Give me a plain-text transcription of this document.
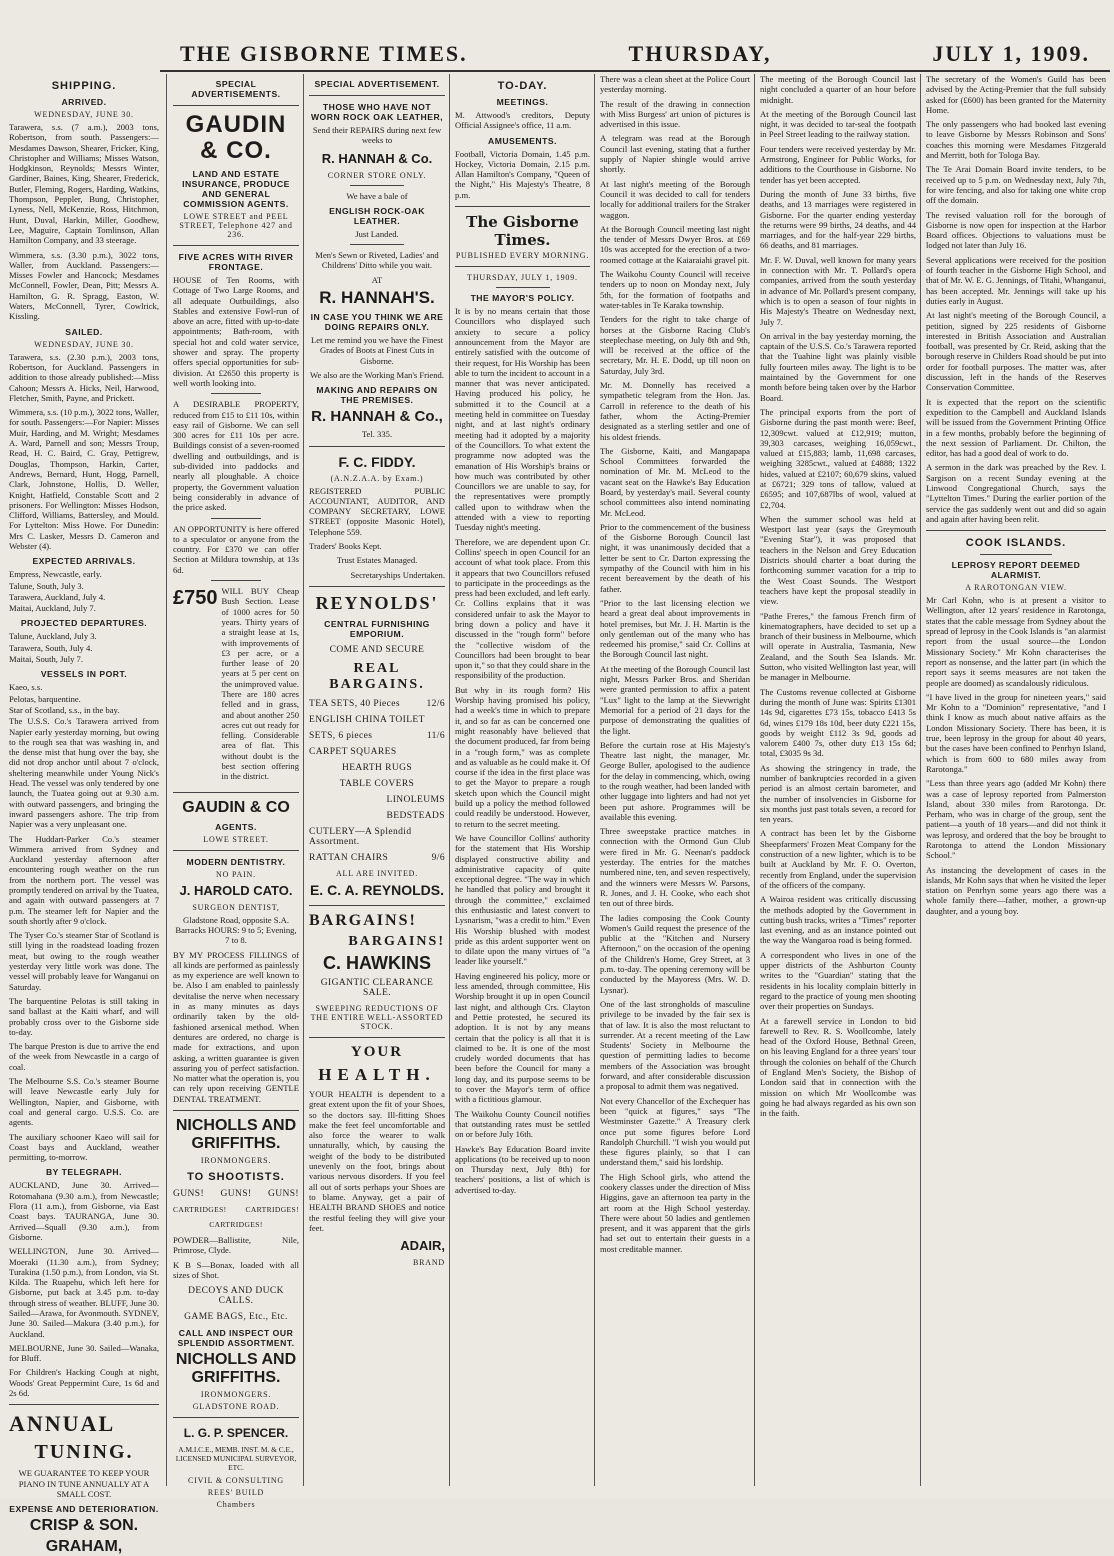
THE GISBORNE TIMES.	THURSDAY,	JULY 1, 1909.
SHIPPING.
ARRIVED.
WEDNESDAY, JUNE 30.

Tarawera, s.s. (7 a.m.), 2003 tons, Robertson, from south. Passengers:— Mesdames Dawson, Shearer, Fricker, King, Christopher and Williams; Misses Watson, Hodgkinson, Reynolds; Messrs Winter, Gardiner, Baines, King, Shearer, Frederick, Butler, Fleming, Rogers, Harding, Watkins, Thompson, Peppler, Bung, Christopher, Lyness, Nell, McKenzie, Ross, Hitchmon, Hunt, Duval, Harkin, Miller, Goodhew, Lee, Maguire, Captain Tomlinson, Allan Hamilton Company, and 33 steerage.

Wimmera, s.s. (3.30 p.m.), 3022 tons, Waller, from Auckland. Passengers:—Misses Fowler and Hancock; Mesdames McConnell, Fowler, Dean, Pitt; Messrs A. Hamilton, G. R. Spragg, Easton, W. Waters, McConnell, Tyrer, Cowlrick, Kissling.

SAILED.
WEDNESDAY, JUNE 30.

Tarawera, s.s. (2.30 p.m.), 2003 tons, Robertson, for Auckland. Passengers in addition to those already published:—Miss Cahoon; Messrs A. Hicks, Neil, Harwood, Fletcher, Smith, Payne, and Prickett.

Wimmera, s.s. (10 p.m.), 3022 tons, Waller, for south. Passengers:—For Napier: Misses Muir, Harding, and M. Wright; Mesdames A. Ward, Parnell and son; Messrs Troup, Read, H. C. Baird, C. Gray, Pettigrew, Douglas, Thompson, Harkin, Carter, Andrews, Bernard, Hunt, Hogg, Parnell, Clark, Johnstone, Hollis, D. Weller, Knight, Hatfield, Constable Scott and 2 prisoners. For Wellington: Misses Hodson, Clifford, Williams, Battersley, and Mould. For Lyttelton: Miss Howe. For Dunedin: Mrs C. Lasker, Messrs D. Cameron and Webster (4).

EXPECTED ARRIVALS.
Empress, Newcastle, early.
Talune, South, July 3.
Tarawera, Auckland, July 4.
Maitai, Auckland, July 7.
PROJECTED DEPARTURES.
Talune, Auckland, July 3.
Tarawera, South, July 4.
Maitai, South, July 7.
VESSELS IN PORT.
Kaeo, s.s.
Pelotas, barquentine.
Star of Scotland, s.s., in the bay.

The U.S.S. Co.'s Tarawera arrived from Napier early yesterday morning, but owing to the rough sea that was washing in, and the dense mist that hung over the bay, she did not drop anchor until about 7 o'clock, sheltering meanwhile under Young Nick's Head. The vessel was only tendered by one launch, the Tuatea going out at 9.30 a.m. with outward passengers, and bringing the inward passengers ashore. The trip from Napier was a very unpleasant one.

The Huddart-Parker Co.'s steamer Wimmera arrived from Sydney and Auckland yesterday afternoon after encountering rough weather on the run from the northern port. The vessel was promptly tendered on arrival by the Tuatea, and again with outward passengers at 7 p.m. The steamer left for Napier and the south shortly after 9 o'clock.

The Tyser Co.'s steamer Star of Scotland is still lying in the roadstead loading frozen meat, but owing to the rough weather yesterday very little work was done. The vessel will probably leave for Wanganui on Saturday.

The barquentine Pelotas is still taking in sand ballast at the Kaiti wharf, and will probably cross over to the Gisborne side to-day.

The barque Preston is due to arrive the end of the week from Newcastle in a cargo of coal.

The Melbourne S.S. Co.'s steamer Bourne will leave Newcastle early July for Wellington, Napier, and Gisborne, with coal and general cargo. U.S.S. Co. are agents.

The auxiliary schooner Kaeo will sail for Coast bays and Auckland, weather permitting, to-morrow.

BY TELEGRAPH.

AUCKLAND, June 30. Arrived—Rotomahana (9.30 a.m.), from Newcastle; Flora (11 a.m.), from Gisborne, via East Coast bays. TAURANGA, June 30. Arrived—Squall (9.30 a.m.), from Gisborne.

WELLINGTON, June 30. Arrived—Moeraki (11.30 a.m.), from Sydney; Turakina (1.50 p.m.), from London, via St. Kilda. The Ruapehu, which left here for Gisborne, put back at 3.45 p.m. to-day through stress of weather. BLUFF, June 30. Sailed—Arawa, for Avonmouth. SYDNEY, June 30. Sailed—Makura (3.40 p.m.), for Auckland.

MELBOURNE, June 30. Sailed—Wanaka, for Bluff.

For Children's Hacking Cough at night, Woods' Great Peppermint Cure, 1s 6d and 2s 6d.

ANNUAL
TUNING.

WE GUARANTEE TO KEEP YOUR PIANO IN TUNE ANNUALLY AT A SMALL COST.

EXPENSE AND DETERIORATION.
CRISP & SON.
GRAHAM,
SPECIAL ADVERTISEMENTS.
GAUDIN & CO.
LAND AND ESTATE INSURANCE, PRODUCE AND GENERAL COMMISSION AGENTS.
LOWE STREET and PEEL STREET, Telephone 427 and 236.
FIVE ACRES WITH RIVER FRONTAGE.

HOUSE of Ten Rooms, with Cottage of Two Large Rooms, and all adequate Outbuildings, also Stables and extensive Fowl-run of above an acre, fitted with up-to-date appointments; Bath-room, with special hot and cold water service, shower and spray. The property offers special opportunities for sub-division. At £2650 this property is well worth looking into.

A DESIRABLE PROPERTY, reduced from £15 to £11 10s, within easy rail of Gisborne. We can sell 300 acres for £11 10s per acre. Buildings consist of a seven-roomed dwelling and outbuildings, and is sub-divided into paddocks and nearly all ploughable. A choice property, the Government valuation being considerably in advance of the price asked.

AN OPPORTUNITY is here offered to a speculator or anyone from the country. For £370 we can offer Section at Mildura township, at 13s 6d.

£750 WILL BUY Cheap Bush Section. Lease of 1000 acres for 50 years. Thirty years of a straight lease at 1s, with improvements of £3 per acre, or a further lease of 20 years at 5 per cent on the unimproved value. There are 180 acres felled and in grass, and about another 250 acres cut out ready for felling. Considerable area of flat. This without doubt is the best section offering in the district.

GAUDIN & CO
AGENTS.
LOWE STREET.
MODERN DENTISTRY.
NO PAIN.
J. HAROLD CATO.
SURGEON DENTIST,

Gladstone Road, opposite S.A. Barracks HOURS: 9 to 5; Evening, 7 to 8.

BY MY PROCESS FILLINGS of all kinds are performed as painlessly as my experience are well known to be. Also I am enabled to painlessly devitalise the nerve when necessary in as many minutes as days ordinarily taken by the old-fashioned arsenical method. When dentures are ordered, no charge is made for extractions, and upon asking, a written guarantee is given assuring you of perfect satisfaction. No matter what the operation is, you can rely upon receiving GENTLE DENTAL TREATMENT.

NICHOLLS AND GRIFFITHS.
IRONMONGERS.
TO SHOOTISTS.
GUNS! GUNS! GUNS!
CARTRIDGES!	CARTRIDGES!
CARTRIDGES!

POWDER—Ballistite, Nile, Primrose, Clyde.

K B S—Bonax, loaded with all sizes of Shot.

DECOYS AND DUCK CALLS.
GAME BAGS, Etc., Etc.
CALL AND INSPECT OUR SPLENDID ASSORTMENT.
NICHOLLS AND GRIFFITHS.
IRONMONGERS.
GLADSTONE ROAD.
L. G. P. SPENCER.

A.M.I.C.E., MEMB. INST. M. & C.E., LICENSED MUNICIPAL SURVEYOR, ETC.

CIVIL & CONSULTING
REES' BUILD
Chambers
SPECIAL ADVERTISEMENT.
THOSE WHO HAVE NOT WORN ROCK OAK LEATHER,

Send their REPAIRS during next few weeks to

R. HANNAH & Co.
CORNER STORE ONLY.

We have a bale of

ENGLISH ROCK-OAK LEATHER.

Just Landed.

Men's Sewn or Riveted, Ladies' and Childrens' Ditto while you wait.

AT

R. HANNAH'S.
IN CASE YOU THINK WE ARE DOING REPAIRS ONLY.

Let me remind you we have the Finest Grades of Boots at Finest Cuts in Gisborne.

We also are the Working Man's Friend.

MAKING AND REPAIRS ON THE PREMISES.
R. HANNAH & Co.,

Tel. 335.

F. C. FIDDY.
(A.N.Z.A.A. by Exam.)

REGISTERED PUBLIC ACCOUNTANT, AUDITOR, AND COMPANY SECRETARY, LOWE STREET (opposite Masonic Hotel), Telephone 559.

Traders' Books Kept.

Trust Estates Managed.

Secretaryships Undertaken.

REYNOLDS'
CENTRAL FURNISHING EMPORIUM.
COME AND SECURE
REAL BARGAINS.
TEA SETS, 40 Pieces	12/6
ENGLISH CHINA TOILET
SETS, 6 pieces	11/6
CARPET SQUARES
HEARTH RUGS
TABLE COVERS
LINOLEUMS
BEDSTEADS
CUTLERY—A Splendid Assortment.
RATTAN CHAIRS	9/6
ALL ARE INVITED.
E. C. A. REYNOLDS.
BARGAINS!
BARGAINS!
C. HAWKINS
GIGANTIC CLEARANCE SALE.
SWEEPING REDUCTIONS OF THE ENTIRE WELL-ASSORTED STOCK.
YOUR
HEALTH.

YOUR HEALTH is dependent to a great extent upon the fit of your Shoes, so the doctors say. Ill-fitting Shoes make the feet feel uncomfortable and also force the wearer to walk unnaturally, which, by causing the weight of the body to be distributed unevenly on the foot, brings about various nervous disorders. If you feel all out of sorts perhaps your Shoes are to blame. Anyway, get a pair of HEALTH BRAND SHOES and notice the restful feeling they will give your feet.

ADAIR,
BRAND
TO-DAY.
MEETINGS.

M. Attwood's creditors, Deputy Official Assignee's office, 11 a.m.

AMUSEMENTS.

Football, Victoria Domain, 1.45 p.m. Hockey, Victoria Domain, 2.15 p.m. Allan Hamilton's Company, "Queen of the Night," His Majesty's Theatre, 8 p.m.

The Gisborne Times.
PUBLISHED EVERY MORNING.
THURSDAY, JULY 1, 1909.
THE MAYOR'S POLICY.

It is by no means certain that those Councillors who displayed such anxiety to secure a policy announcement from the Mayor are entirely satisfied with the outcome of their request, for His Worship has been able to turn the incident to account in a manner that was never anticipated. Having produced his policy, he submitted it to the Council at a meeting held in committee on Tuesday night, and at last night's ordinary meeting had it adopted by a majority of the Councillors. To what extent the programme now adopted was the emanation of His Worship's brains or how much was contributed by other Councillors we are unable to say, for the representatives were promptly called upon to withdraw when the attended with a view to reporting Tuesday night's meeting.

Therefore, we are dependent upon Cr. Collins' speech in open Council for an account of what took place. From this it appears that two Councillors refused to participate in the proceedings as the press had been excluded, and left early. Cr. Collins explains that it was considered unfair to ask the Mayor to bring down a policy and have it discussed in the "rough form" before the "collective wisdom of the Councillors had been brought to bear upon it," so that they could share in the responsibility of the production.

But why in its rough form? His Worship having promised his policy, had a week's time in which to prepare it, and so far as can be concerned one might reasonably have believed that the document produced, far from being in a "rough form," was as complete and as valuable as he could make it. Of course if the idea in the first place was to get the Mayor to prepare a rough sketch upon which the Council might build up a policy the method followed could readily be understood. However, to return to the secret meeting.

We have Councillor Collins' authority for the statement that His Worship displayed constructive ability and administrative capacity of quite exceptional degree. "The way in which he handled that policy and brought it through the committee," exclaimed this enthusiastic and latest convert to Lysnarism, "was a credit to him." Even His Worship blushed with modest pride as this ardent supporter went on to dilate upon the many virtues of "a leader like yourself."

Having engineered his policy, more or less amended, through committee, His Worship brought it up in open Council last night, and although Crs. Clayton and Pettie protested, he secured its adoption. It is not by any means certain that the policy is all that it is claimed to be. It is one of the most crudely worded documents that has been before the Council for many a long day, and its purpose seems to be to cover the Mayor's term of office with a fictitious glamour.

The Waikohu County Council notifies that outstanding rates must be settled on or before July 16th.

Hawke's Bay Education Board invite applications (to be received up to noon on Thursday next, July 8th) for teachers' positions, a list of which is advertised to-day.

There was a clean sheet at the Police Court yesterday morning.

The result of the drawing in connection with Miss Burgess' art union of pictures is advertised in this issue.

A telegram was read at the Borough Council last evening, stating that a further supply of Napier shingle would arrive shortly.

At last night's meeting of the Borough Council it was decided to call for tenders locally for additional trailers for the Straker waggon.

At the Borough Council meeting last night the tender of Messrs Dwyer Bros. at £69 10s was accepted for the erection of a two-roomed cottage at the Kaiaraiahi gravel pit.

The Waikohu County Council will receive tenders up to noon on Monday next, July 5th, for the formation of footpaths and water-tables in Te Karaka township.

Tenders for the right to take charge of horses at the Gisborne Racing Club's steeplechase meeting, on July 8th and 9th, will be received at the office of the secretary, Mr. H. E. Dodd, up till noon on Saturday, July 3rd.

Mr. M. Donnelly has received a sympathetic telegram from the Hon. Jas. Carroll in reference to the death of his father, whom the Acting-Premier designated as a sterling settler and one of his oldest friends.

The Gisborne, Kaiti, and Mangapapa School Committees forwarded the nomination of Mr. M. McLeod to the vacant seat on the Hawke's Bay Education Board, by yesterday's mail. Several county school committees also intend nominating Mr. McLeod.

Prior to the commencement of the business of the Gisborne Borough Council last night, it was unanimously decided that a letter be sent to Cr. Darton expressing the sympathy of the Council with him in his recent bereavement by the death of his father.

"Prior to the last licensing election we heard a great deal about improvements in hotel premises, but Mr. J. H. Martin is the only gentleman out of the many who has redeemed his promise," said Cr. Collins at the Borough Council last night.

At the meeting of the Borough Council last night, Messrs Parker Bros. and Sheridan were granted permission to affix a patent "Lux" light to the lamp at the Sievwright Memorial for a period of 21 days for the purpose of demonstrating the qualities of the light.

Before the curtain rose at His Majesty's Theatre last night, the manager, Mr. George Buller, apologised to the audience for the delay in commencing, which, owing to the rough weather, had been landed with other luggage into lighters and had not yet been put ashore. Programmes will be available this evening.

Three sweepstake practice matches in connection with the Ormond Gun Club were fired in Mr. G. Neenan's paddock yesterday. The entries for the matches numbered nine, ten, and seven respectively, and the winners were Messrs W. Parsons, R. Jones, and J. H. Cooke, who each shot ten out of three birds.

The ladies composing the Cook County Women's Guild request the presence of the public at the "Kitchen and Nursery Afternoon," on the occasion of the opening of the Children's Home, Grey Street, at 3 p.m. to-day. The opening ceremony will be conducted by the Mayoress (Mrs. W. D. Lysnar).

One of the last strongholds of masculine privilege to be invaded by the fair sex is that of law. It is also the most reluctant to surrender. At a recent meeting of the Law Students' Society in Melbourne the question of permitting ladies to become members of the Association was brought forward, and after considerable discussion a proposal to admit them was negatived.

Not every Chancellor of the Exchequer has been "quick at figures," says "The Westminster Gazette." A Treasury clerk once put some figures before Lord Randolph Churchill. "I wish you would put these figures plainly, so that I can understand them," said his lordship.

The High School girls, who attend the cookery classes under the direction of Miss Higgins, gave an afternoon tea party in the art room at the High School yesterday. There were about 50 ladies and gentlemen present, and it was apparent that the girls had set out to entertain their guests in a most creditable manner.

The meeting of the Borough Council last night concluded a quarter of an hour before midnight.

At the meeting of the Borough Council last night, it was decided to tar-seal the footpath in Peel Street leading to the railway station.

Four tenders were received yesterday by Mr. Armstrong, Engineer for Public Works, for additions to the Courthouse in Gisborne. No tender has yet been accepted.

During the month of June 33 births, five deaths, and 13 marriages were registered in Gisborne. For the quarter ending yesterday the returns were 99 births, 24 deaths, and 44 marriages, and for the half-year 229 births, 66 deaths, and 81 marriages.

Mr. F. W. Duval, well known for many years in connection with Mr. T. Pollard's opera companies, arrived from the south yesterday in advance of Mr. Pollard's present company, which is to open a season of four nights in His Majesty's Theatre on Wednesday next, July 7.

On arrival in the bay yesterday morning, the captain of the U.S.S. Co.'s Tarawera reported that the Tuahine light was plainly visible fully fourteen miles away. The light is to be maintained by the Government for one month before being taken over by the Harbor Board.

The principal exports from the port of Gisborne during the past month were: Beef, 12,309cwt. valued at £12,919; mutton, 39,303 carcases, weighing 16,059cwt., valued at £15,883; lamb, 11,698 carcases, weighing 3285cwt., valued at £4888; 1322 hides, valued at £2107; 60,679 skins, valued at £6721; 329 tons of tallow, valued at £6595; and 107,687lbs of wool, valued at £2,704.

When the summer school was held at Westport last year (says the Greymouth "Evening Star"), it was proposed that teachers in the Nelson and Grey Education Districts should charter a boat during the forthcoming summer vacation for a trip to the West Coast Sounds. The Westport teachers have kept the proposal steadily in view.

"Pathe Freres," the famous French firm of kinematographers, have decided to set up a branch of their business in Melbourne, which will operate in Australia, Tasmania, New Zealand, and the South Sea Islands. Mr. Sutton, who visited Wellington last year, will be manager in Melbourne.

The Customs revenue collected at Gisborne during the month of June was: Spirits £1301 14s 9d, cigarettes £73 15s, tobacco £413 5s 6d, wines £179 18s 10d, beer duty £221 15s, goods by weight £112 3s 9d, goods ad valorem £400 7s, other duty £13 15s 6d; total, £3035 9s 3d.

As showing the stringency in trade, the number of bankruptcies recorded in a given period is an almost certain barometer, and the number of insolvencies in Gisborne for six months just past totals seven, a record for ten years.

A contract has been let by the Gisborne Sheepfarmers' Frozen Meat Company for the construction of a new lighter, which is to be built at Auckland by Mr. F. O. Overton, recently from England, under the supervision of the officers of the company.

A Wairoa resident was critically discussing the methods adopted by the Government in cutting bush tracks, writes a "Times" reporter last evening, and as an instance pointed out the way the Wangaroa road is being formed.

A correspondent who lives in one of the upper districts of the Ashburton County writes to the "Guardian" stating that the residents in his locality complain bitterly in regard to the practice of young men shooting over their properties on Sundays.

At a farewell service in London to bid farewell to Rev. R. S. Woollcombe, lately head of the Oxford House, Bethnal Green, on his leaving England for a three years' tour through the colonies on behalf of the Church of England Men's Society, the Bishop of London said that in connection with the mission on which Mr Woollcombe was going he had always regarded as his own son in the faith.

The secretary of the Women's Guild has been advised by the Acting-Premier that the full subsidy asked for (£600) has been granted for the Maternity Home.

The only passengers who had booked last evening to leave Gisborne by Messrs Robinson and Sons' coaches this morning were Mesdames Fitzgerald and Merritt, both for Tologa Bay.

The Te Arai Domain Board invite tenders, to be received up to 5 p.m. on Wednesday next, July 7th, for wire fencing, and also for taking one white crop off the domain.

The revised valuation roll for the borough of Gisborne is now open for inspection at the Harbor Board offices. Objections to valuations must be lodged not later than July 16.

Several applications were received for the position of fourth teacher in the Gisborne High School, and that of Mr. W. E. G. Jennings, of Titahi, Whanganui, has been accepted. Mr. Jennings will take up his duties early in August.

At last night's meeting of the Borough Council, a petition, signed by 225 residents of Gisborne interested in British Association and Australian football, was presented by Cr. Reid, asking that the borough reserve in Childers Road should be put into order for football purposes. The matter was, after discussion, left in the hands of the Reserves Conservation Committee.

It is expected that the report on the scientific expedition to the Campbell and Auckland Islands will be issued from the Government Printing Office in a few months, probably before the beginning of the next session of Parliament. Dr. Chilton, the editor, has had a good deal of work to do.

A sermon in the dark was preached by the Rev. I. Sargison on a recent Sunday evening at the Linwood Congregational Church, says the "Lyttelton Times." During the earlier portion of the service the gas suddenly went out and did so again and again after having been relit.

COOK ISLANDS.
LEPROSY REPORT DEEMED ALARMIST.
A RAROTONGAN VIEW.

Mr Carl Kohn, who is at present a visitor to Wellington, after 12 years' residence in Rarotonga, states that the cable message from Sydney about the spread of leprosy in the Cook Islands is "an alarmist report from the usual source—the London Missionary Society." Mr Kohn characterises the report as nonsense, and the latter part (in which the report says it seems measures are not taken the people are doomed) as scandalously ridiculous.

"I have lived in the group for nineteen years," said Mr Kohn to a "Dominion" representative, "and I think I know as much about native affairs as the London Missionary Society. There has been, it is true, been leprosy in the group for about 40 years, but the cases have been confined to Penrhyn Island, which is from 600 to 680 miles away from Rarotonga."

"Less than three years ago (added Mr Kohn) there was a case of leprosy reported from Palmerston Island, about 330 miles from Rarotonga. Dr. Perham, who was in charge of the group, sent the patient—a youth of 18 years—and did not think it was leprosy, and ordered that the boy be brought to Rarotonga to attend the London Missionary School."

As instancing the development of cases in the islands, Mr Kohn says that when he visited the leper station on Penrhyn some years ago there was a whole family there—father, mother, a grown-up daughter, and a young boy.
